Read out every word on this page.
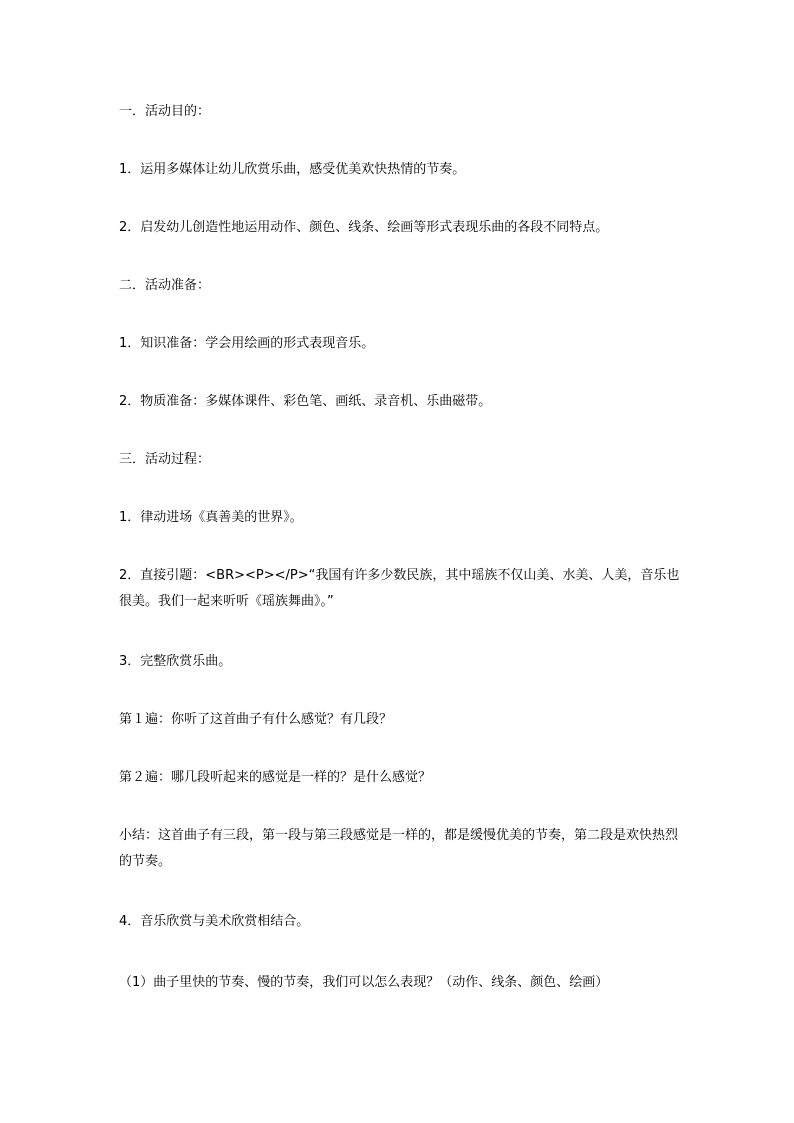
一．活动目的：

1．运用多媒体让幼儿欣赏乐曲，感受优美欢快热情的节奏。

2．启发幼儿创造性地运用动作、颜色、线条、绘画等形式表现乐曲的各段不同特点。

二．活动准备：

1．知识准备：学会用绘画的形式表现音乐。

2．物质准备：多媒体课件、彩色笔、画纸、录音机、乐曲磁带。

三．活动过程：

1．律动进场《真善美的世界》。

2．直接引题：<BR><P></P>“我国有许多少数民族，其中瑶族不仅山美、水美、人美，音乐也很美。我们一起来听听《瑶族舞曲》。”

3．完整欣赏乐曲。

第１遍：你听了这首曲子有什么感觉？有几段？

第２遍：哪几段听起来的感觉是一样的？是什么感觉？

小结：这首曲子有三段，第一段与第三段感觉是一样的，都是缓慢优美的节奏，第二段是欢快热烈的节奏。

4．音乐欣赏与美术欣赏相结合。

（1）曲子里快的节奏、慢的节奏，我们可以怎么表现？（动作、线条、颜色、绘画）
